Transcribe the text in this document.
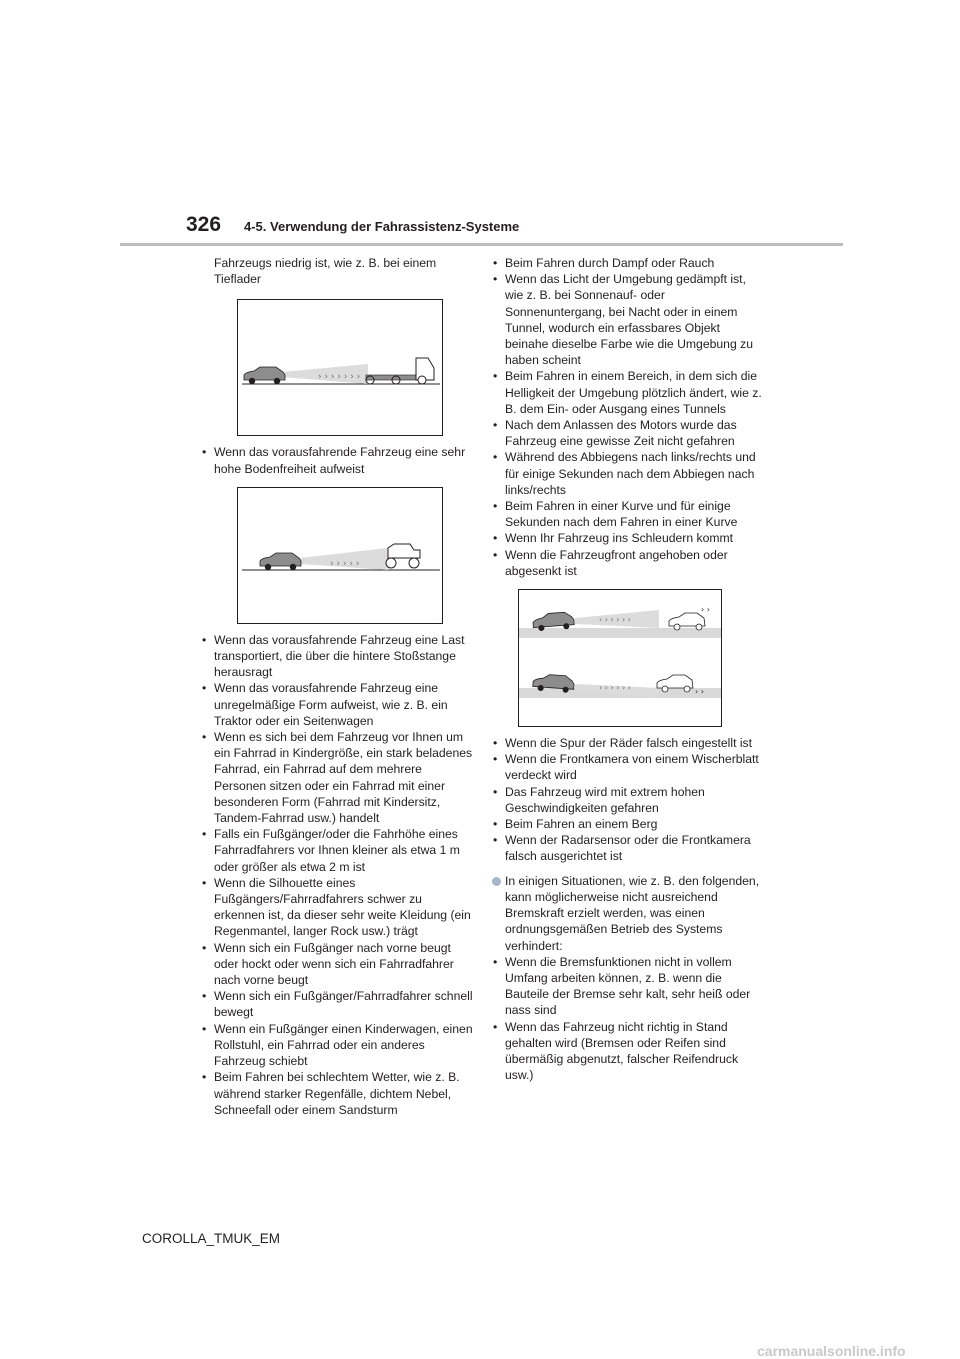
326 4-5. Verwendung der Fahrassistenz-Systeme
Fahrzeugs niedrig ist, wie z. B. bei einem Tieflader
› › › › › › ›
• Wenn das vorausfahrende Fahrzeug eine sehr hohe Bodenfreiheit aufweist
› › › › ›
• Wenn das vorausfahrende Fahrzeug eine Last transportiert, die über die hintere Stoßstange herausragt
• Wenn das vorausfahrende Fahrzeug eine unregelmäßige Form aufweist, wie z. B. ein Traktor oder ein Seitenwagen
• Wenn es sich bei dem Fahrzeug vor Ihnen um ein Fahrrad in Kindergröße, ein stark beladenes Fahrrad, ein Fahrrad auf dem mehrere Personen sitzen oder ein Fahrrad mit einer besonderen Form (Fahrrad mit Kindersitz, Tandem-Fahrrad usw.) handelt
• Falls ein Fußgänger/oder die Fahrhöhe eines Fahrradfahrers vor Ihnen kleiner als etwa 1 m oder größer als etwa 2 m ist
• Wenn die Silhouette eines Fußgängers/Fahrradfahrers schwer zu erkennen ist, da dieser sehr weite Kleidung (ein Regenmantel, langer Rock usw.) trägt
• Wenn sich ein Fußgänger nach vorne beugt oder hockt oder wenn sich ein Fahrradfahrer nach vorne beugt
• Wenn sich ein Fußgänger/Fahrradfahrer schnell bewegt
• Wenn ein Fußgänger einen Kinderwagen, einen Rollstuhl, ein Fahrrad oder ein anderes Fahrzeug schiebt
• Beim Fahren bei schlechtem Wetter, wie z. B. während starker Regenfälle, dichtem Nebel, Schneefall oder einem Sandsturm
• Beim Fahren durch Dampf oder Rauch
• Wenn das Licht der Umgebung gedämpft ist, wie z. B. bei Sonnenauf- oder Sonnenuntergang, bei Nacht oder in einem Tunnel, wodurch ein erfassbares Objekt beinahe dieselbe Farbe wie die Umgebung zu haben scheint
• Beim Fahren in einem Bereich, in dem sich die Helligkeit der Umgebung plötzlich ändert, wie z. B. dem Ein- oder Ausgang eines Tunnels
• Nach dem Anlassen des Motors wurde das Fahrzeug eine gewisse Zeit nicht gefahren
• Während des Abbiegens nach links/rechts und für einige Sekunden nach dem Abbiegen nach links/rechts
• Beim Fahren in einer Kurve und für einige Sekunden nach dem Fahren in einer Kurve
• Wenn Ihr Fahrzeug ins Schleudern kommt
• Wenn die Fahrzeugfront angehoben oder abgesenkt ist
› › › › › ›
› ›
› › › › › ›	› ›
• Wenn die Spur der Räder falsch eingestellt ist
• Wenn die Frontkamera von einem Wischerblatt verdeckt wird
• Das Fahrzeug wird mit extrem hohen Geschwindigkeiten gefahren
• Beim Fahren an einem Berg
• Wenn der Radarsensor oder die Frontkamera falsch ausgerichtet ist
In einigen Situationen, wie z. B. den folgenden, kann möglicherweise nicht ausreichend Bremskraft erzielt werden, was einen ordnungsgemäßen Betrieb des Systems verhindert:
• Wenn die Bremsfunktionen nicht in vollem Umfang arbeiten können, z. B. wenn die Bauteile der Bremse sehr kalt, sehr heiß oder nass sind
• Wenn das Fahrzeug nicht richtig in Stand gehalten wird (Bremsen oder Reifen sind übermäßig abgenutzt, falscher Reifendruck usw.)
COROLLA_TMUK_EM
carmanualsonline.info
